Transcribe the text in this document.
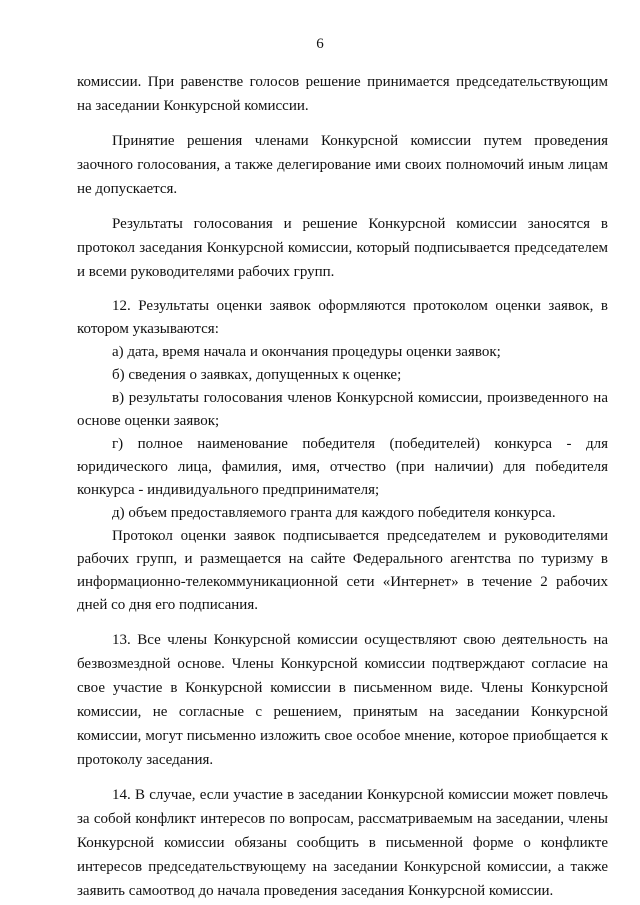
6

комиссии. При равенстве голосов решение принимается председательствующим на заседании Конкурсной комиссии.

Принятие решения членами Конкурсной комиссии путем проведения заочного голосования, а также делегирование ими своих полномочий иным лицам не допускается.

Результаты голосования и решение Конкурсной комиссии заносятся в протокол заседания Конкурсной комиссии, который подписывается председателем и всеми руководителями рабочих групп.

12. Результаты оценки заявок оформляются протоколом оценки заявок, в котором указываются:

а) дата, время начала и окончания процедуры оценки заявок;

б) сведения о заявках, допущенных к оценке;

в) результаты голосования членов Конкурсной комиссии, произведенного на основе оценки заявок;

г) полное наименование победителя (победителей) конкурса - для юридического лица, фамилия, имя, отчество (при наличии) для победителя конкурса - индивидуального предпринимателя;

д) объем предоставляемого гранта для каждого победителя конкурса.

Протокол оценки заявок подписывается председателем и руководителями рабочих групп, и размещается на сайте Федерального агентства по туризму в информационно-телекоммуникационной сети «Интернет» в течение 2 рабочих дней со дня его подписания.

13. Все члены Конкурсной комиссии осуществляют свою деятельность на безвозмездной основе. Члены Конкурсной комиссии подтверждают согласие на свое участие в Конкурсной комиссии в письменном виде. Члены Конкурсной комиссии, не согласные с решением, принятым на заседании Конкурсной комиссии, могут письменно изложить свое особое мнение, которое приобщается к протоколу заседания.

14. В случае, если участие в заседании Конкурсной комиссии может повлечь за собой конфликт интересов по вопросам, рассматриваемым на заседании, члены Конкурсной комиссии обязаны сообщить в письменной форме о конфликте интересов председательствующему на заседании Конкурсной комиссии, а также заявить самоотвод до начала проведения заседания Конкурсной комиссии.
